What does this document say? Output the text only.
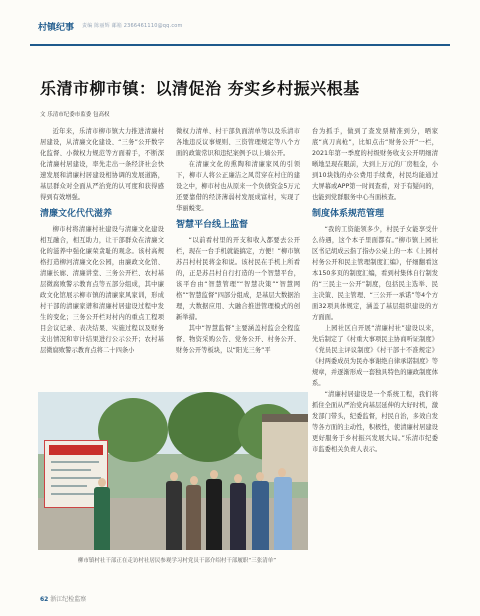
村镇纪事 责编 陈丽辉 邮箱 2366461110@qq.com
乐清市柳市镇：以清促治 夯实乡村振兴根基
文 乐清市纪委市监委 包高权

近年来，乐清市柳市镇大力推进清廉村居建设，从清廉文化建设、“三务”公开数字化监督、小微权力规范等方面着手，不断深化清廉村居建设，率先走出一条经济社会快速发展和清廉村居建设相协调的发展道路，基层群众对全面从严治党的认可度和获得感得到有效增强。

清廉文化代代滋养

柳市村将清廉村社建设与清廉文化建设相互融合，相互助力，让干部群众在清廉文化的滋养中强化廉荣贪耻的观念。该村高规格打造柳河清廉文化公园，由廉政文化馆、清廉长廊、清廉讲堂、三务公开栏、农村基层微腐败警示教育点等五部分组成，其中廉政文化馆展示柳市镇的清廉家风家训，形成村干部的清廉家谱和清廉村居建设过程中发生的变化；三务公开栏对村内的重点工程项目会议记录、表决结果、实施过程以及财务支出情况和审计结果进行公示公开；农村基层微腐败警示教育点将二十四条小

微权力清单、村干部负面清单等以及乐清市各地违反议事规则、三资管理规定等八个方面的政策常识和违纪案例予以上墙公开。

在清廉文化的熏陶和清廉家风的引领下，柳市人将公正廉洁之风贯穿在村庄的建设之中，柳市村也从原来一个负债资金5万元还要靠借的经济薄弱村发展成富村，实现了华丽蜕变。

智慧平台线上监督

“以前看村里的开支和收入都要去公开栏，现在一台手机就能搞定，方便！”柳市镇苏吕村村民蒋金和说。该村民在手机上所看的，正是苏吕村自行打造的一个智慧平台，该平台由“智慧管理”“智慧决策”“智慧网格”“智慧监督”四部分组成，是基层大数据治理，大数据应用、大融合推进管理模式的创新举措。

其中“智慧监督”主要涵盖村监会全程监督、物资采购公告、党务公开、村务公开、财务公开等板块，以“阳光三务”平

台为抓手，做到了查发票精准到分，晒家底“真刀真枪”，比如点击“财务公开”一栏，2021年第一季度的村级财务收支公开明细清晰地呈现在眼前，大到上万元的厂房租金，小到10块钱的办公费用手续费，村民均能通过大屏幕或APP第一时间查看，对于有疑问的，也能到党群服务中心当面核查。

制度体系规范管理

“我的工资能领多少，村民子女能享受什么待遇，这个本子里面都有。”柳市镇上园社区书记胡成云指了指办公桌上的一本《上园村村务公开和民主管理制度汇编》，仔细翻看这本150多页的制度汇编，看到村集体自行制发的“三民主一公开”制度，包括民主选举、民主决策、民主管理、“三公开一承诺”等4个方面32项具体规定，涵盖了基层组织建设的方方面面。

上园社区自开展“清廉村社”建设以来，先后制定了《村重大事项民主协商听证制度》《党员民主评议制度》《村干部十不准规定》《村两委成员为民办事谢绝自律承诺制度》等规章，并逐渐形成一套独具特色的廉政制度体系。

“清廉村居建设是一个系统工程，我们将抓住全面从严治党向基层延伸的大好时机，激发部门带头，纪委监督，村民自治，多效自发等各方面的主动性，积极性，使清廉村居建设更好服务于乡村振兴发展大局。”乐清市纪委市监委相关负责人表示。

柳市镇村社干部正在走访村社居民参观学习村党员干部介绍村干部履职“三张清单”
62 浙江纪检监察
